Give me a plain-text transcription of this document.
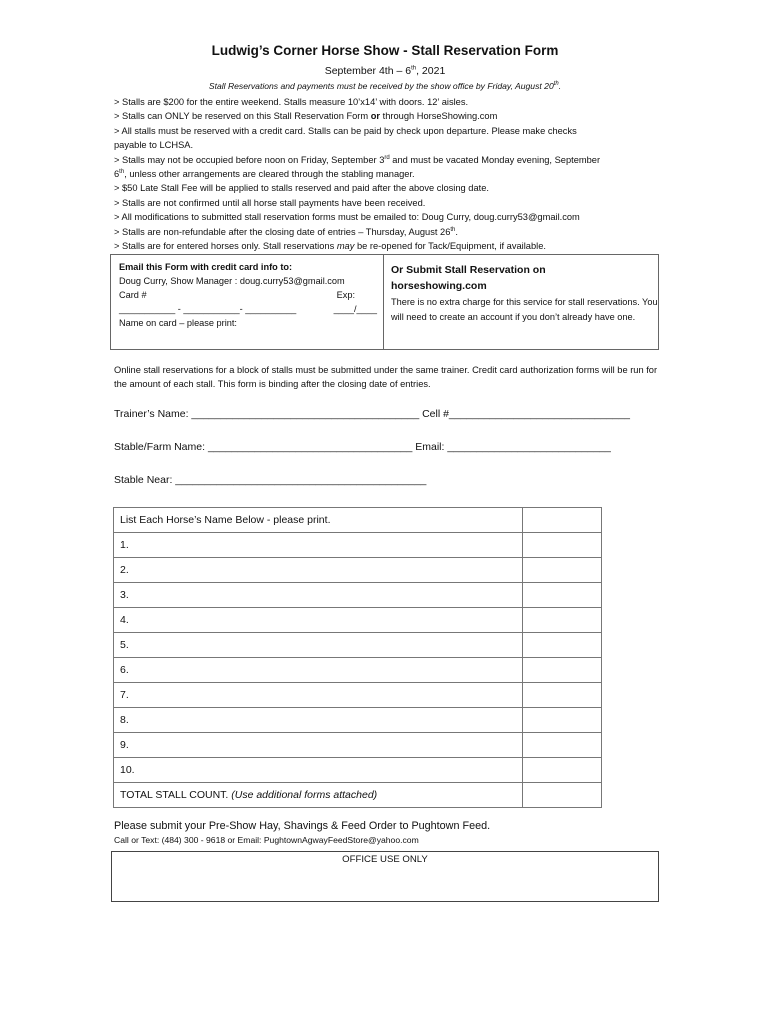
Ludwig’s Corner Horse Show - Stall Reservation Form
September 4th – 6th, 2021
Stall Reservations and payments must be received by the show office by Friday, August 20th.
> Stalls are $200 for the entire weekend. Stalls measure 10’x14’ with doors. 12’ aisles.
> Stalls can ONLY be reserved on this Stall Reservation Form or through HorseShowing.com
> All stalls must be reserved with a credit card. Stalls can be paid by check upon departure. Please make checks
payable to LCHSA.
> Stalls may not be occupied before noon on Friday, September 3rd and must be vacated Monday evening, September
6th, unless other arrangements are cleared through the stabling manager.
> $50 Late Stall Fee will be applied to stalls reserved and paid after the above closing date.
> Stalls are not confirmed until all horse stall payments have been received.
> All modifications to submitted stall reservation forms must be emailed to: Doug Curry, doug.curry53@gmail.com
> Stalls are non-refundable after the closing date of entries – Thursday, August 26th.
> Stalls are for entered horses only. Stall reservations may be re-opened for Tack/Equipment, if available.
Email this Form with credit card info to:
Doug Curry, Show Manager : doug.curry53@gmail.com
Card #	Exp:
___________ - ___________- __________	____/____
Name on card – please print:
Or Submit Stall Reservation on
horseshowing.com
There is no extra charge for this service for stall reservations. You will need to create an account if you don’t already have one.
Online stall reservations for a block of stalls must be submitted under the same trainer. Credit card authorization forms will be run for the amount of each stall. This form is binding after the closing date of entries.
Trainer’s Name: _______________________________________ Cell #_______________________________
Stable/Farm Name: ___________________________________ Email: ____________________________
Stable Near: ___________________________________________
List Each Horse’s Name Below - please print.	
1.	
2.	
3.	
4.	
5.	
6.	
7.	
8.	
9.	
10.	
TOTAL STALL COUNT. (Use additional forms attached)	
Please submit your Pre-Show Hay, Shavings & Feed Order to Pughtown Feed.
Call or Text: (484) 300 - 9618 or Email: PughtownAgwayFeedStore@yahoo.com
OFFICE USE ONLY
